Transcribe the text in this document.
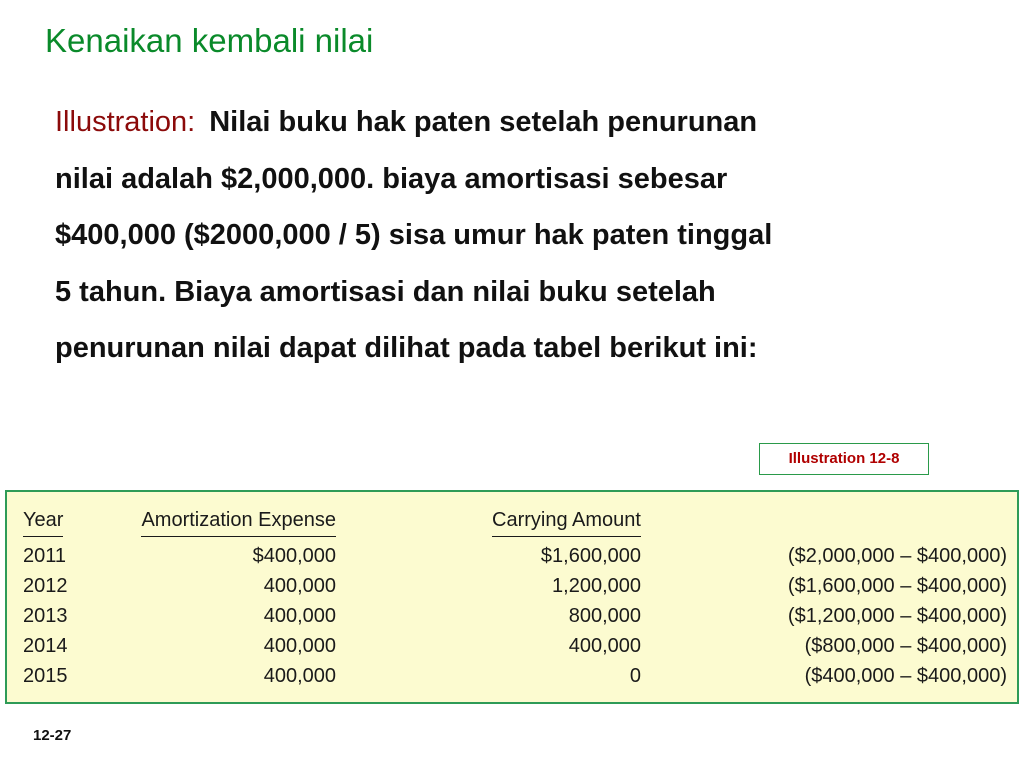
Kenaikan kembali nilai
Illustration: Nilai buku hak paten setelah penurunan
nilai adalah $2,000,000. biaya amortisasi sebesar
$400,000 ($2000,000 / 5) sisa umur hak paten tinggal
5 tahun. Biaya amortisasi dan nilai buku setelah
penurunan nilai dapat dilihat pada tabel berikut ini:
Illustration 12-8
Year	Amortization Expense	Carrying Amount
2011	$400,000	$1,600,000	($2,000,000 – $400,000)
2012	400,000	1,200,000	($1,600,000 – $400,000)
2013	400,000	800,000	($1,200,000 – $400,000)
2014	400,000	400,000	($800,000 – $400,000)
2015	400,000	0	($400,000 – $400,000)
12-27
